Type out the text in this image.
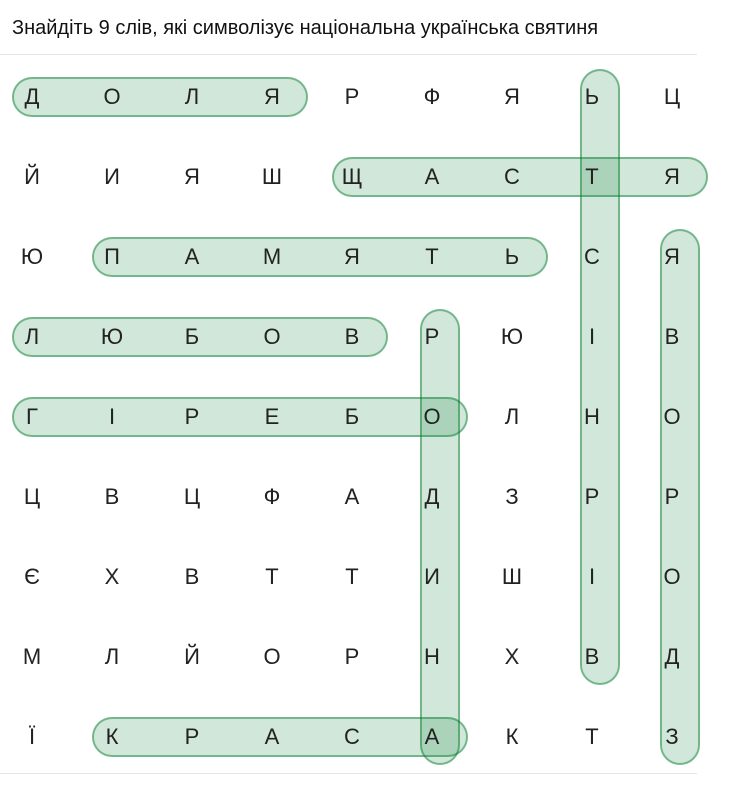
Знайдіть 9 слів, які символізує національна українська святиня
Д	О	Л	Я	Р	Ф	Я	Ь	Ц
Й	И	Я	Ш	Щ	А	С	Т	Я
Ю	П	А	М	Я	Т	Ь	С	Я
Л	Ю	Б	О	В	Р	Ю	І	В
Г	І	Р	Е	Б	О	Л	Н	О
Ц	В	Ц	Ф	А	Д	З	Р	Р
Є	Х	В	Т	Т	И	Ш	І	О
М	Л	Й	О	Р	Н	Х	В	Д
Ї	К	Р	А	С	А	К	Т	З
